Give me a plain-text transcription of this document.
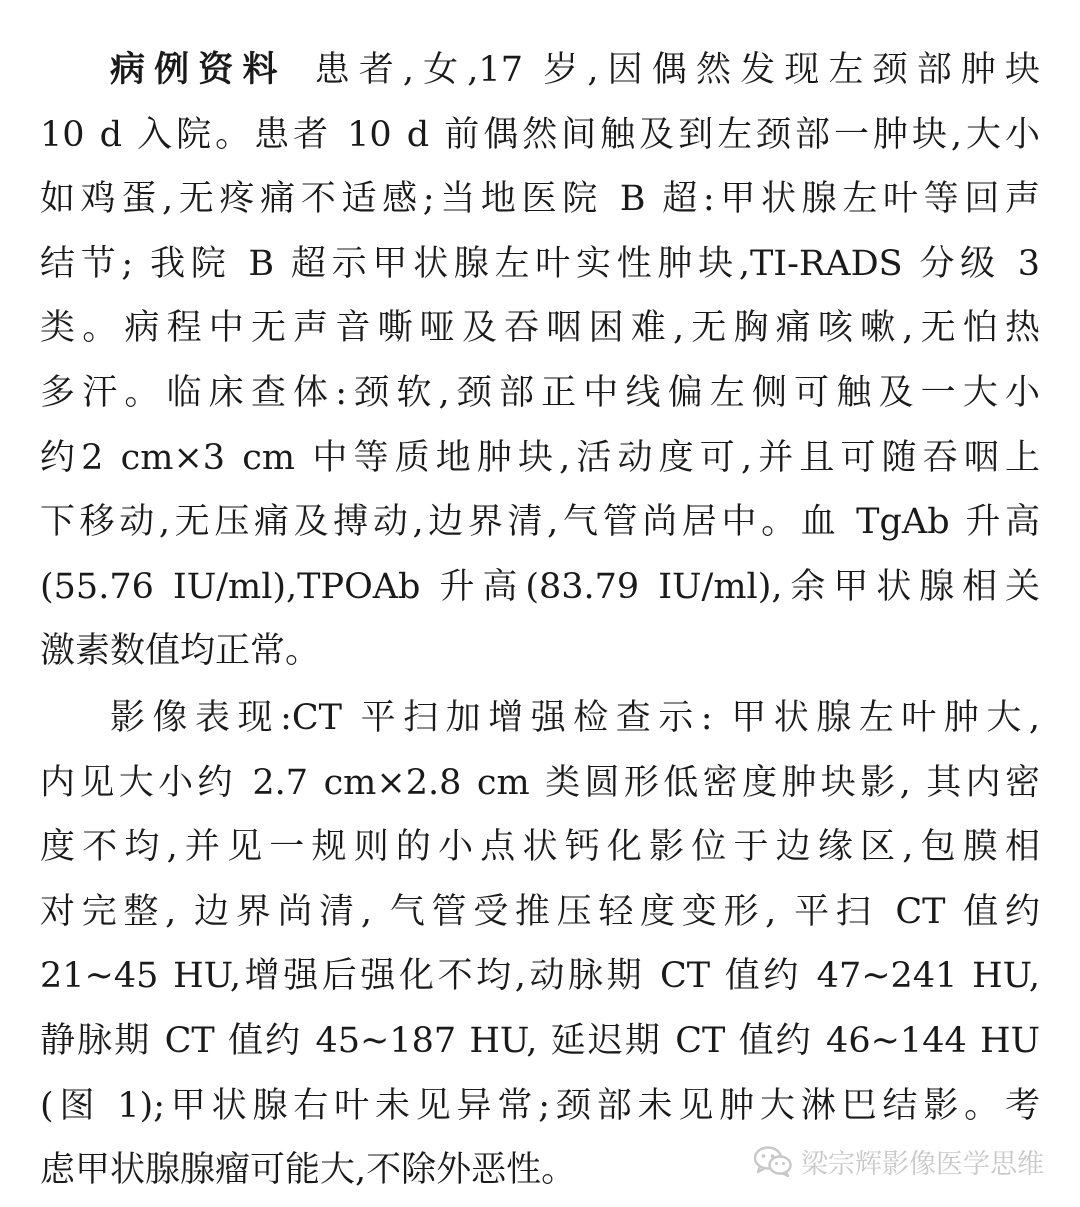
病例资料 患者,女,17 岁,因偶然发现左颈部肿块
10 d 入院。患者 10 d 前偶然间触及到左颈部一肿块,大小
如鸡蛋,无疼痛不适感;当地医院 B 超:甲状腺左叶等回声
结节; 我院 B 超示甲状腺左叶实性肿块,TI-RADS 分级 3
类。病程中无声音嘶哑及吞咽困难,无胸痛咳嗽,无怕热
多汗。临床查体:颈软,颈部正中线偏左侧可触及一大小
约2 cm×3 cm 中等质地肿块,活动度可,并且可随吞咽上
下移动,无压痛及搏动,边界清,气管尚居中。血 TgAb 升高
(55.76 IU/ml),TPOAb 升高(83.79 IU/ml),余甲状腺相关
激素数值均正常。
影像表现:CT 平扫加增强检查示: 甲状腺左叶肿大,
内见大小约 2.7 cm×2.8 cm 类圆形低密度肿块影, 其内密
度不均,并见一规则的小点状钙化影位于边缘区,包膜相
对完整, 边界尚清, 气管受推压轻度变形, 平扫 CT 值约
21~45 HU,增强后强化不均,动脉期 CT 值约 47~241 HU,
静脉期 CT 值约 45~187 HU, 延迟期 CT 值约 46~144 HU
(图 1);甲状腺右叶未见异常;颈部未见肿大淋巴结影。考
虑甲状腺腺瘤可能大,不除外恶性。	梁宗辉影像医学思维
